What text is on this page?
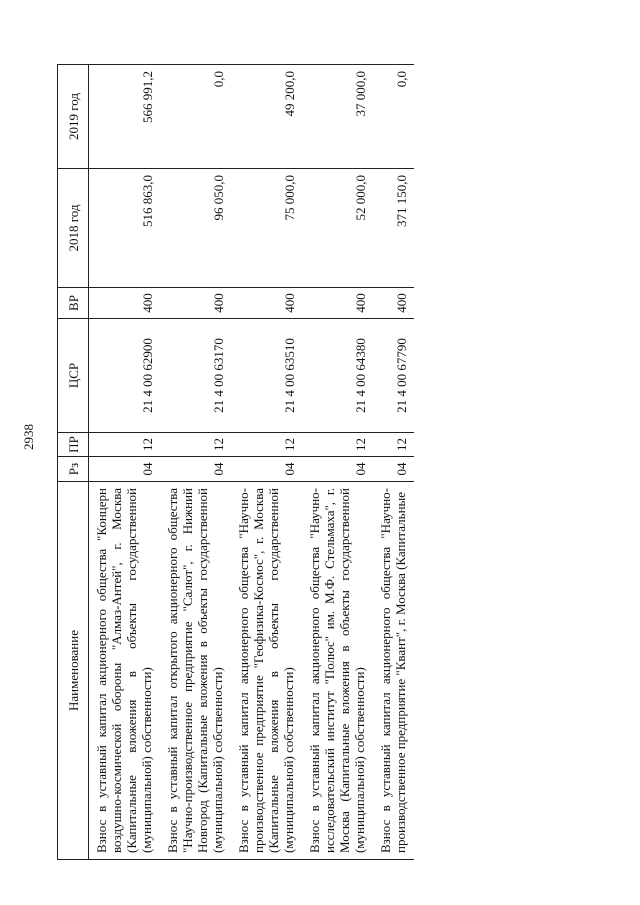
2938
Наименование	Рз	ПР	ЦСР	ВР	2018 год	2019 год
Взнос в уставный капитал акционерного общества "Концерн воздушно-космической обороны "Алмаз-Антей", г. Москва (Капитальные вложения в объекты государственной (муниципальной) собственности)	04	12	21 4 00 62900	400	516 863,0	566 991,2
Взнос в уставный капитал открытого акционерного общества "Научно-производственное предприятие "Салют", г. Нижний Новгород (Капитальные вложения в объекты государственной (муниципальной) собственности)	04	12	21 4 00 63170	400	96 050,0	0,0
Взнос в уставный капитал акционерного общества "Научно-производственное предприятие "Геофизика-Космос", г. Москва (Капитальные вложения в объекты государственной (муниципальной) собственности)	04	12	21 4 00 63510	400	75 000,0	49 200,0
Взнос в уставный капитал акционерного общества "Научно-исследовательский институт "Полюс" им. М.Ф. Стельмаха", г. Москва (Капитальные вложения в объекты государственной (муниципальной) собственности)	04	12	21 4 00 64380	400	52 000,0	37 000,0
Взнос в уставный капитал акционерного общества "Научно-производственное предприятие "Квант", г. Москва (Капитальные	04	12	21 4 00 67790	400	371 150,0	0,0
